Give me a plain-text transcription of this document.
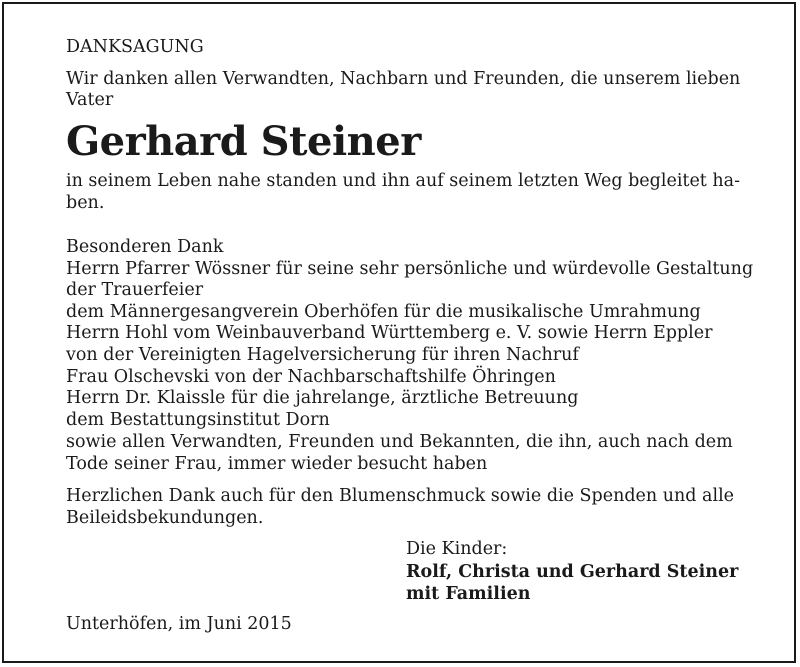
DANKSAGUNG
Wir danken allen Verwandten, Nachbarn und Freunden, die unserem lieben
Vater
Gerhard Steiner
in seinem Leben nahe standen und ihn auf seinem letzten Weg begleitet ha-
ben.
Besonderen Dank
Herrn Pfarrer Wössner für seine sehr persönliche und würdevolle Gestaltung
der Trauerfeier
dem Männergesangverein Oberhöfen für die musikalische Umrahmung
Herrn Hohl vom Weinbauverband Württemberg e. V. sowie Herrn Eppler
von der Vereinigten Hagelversicherung für ihren Nachruf
Frau Olschevski von der Nachbarschaftshilfe Öhringen
Herrn Dr. Klaissle für die jahrelange, ärztliche Betreuung
dem Bestattungsinstitut Dorn
sowie allen Verwandten, Freunden und Bekannten, die ihn, auch nach dem
Tode seiner Frau, immer wieder besucht haben
Herzlichen Dank auch für den Blumenschmuck sowie die Spenden und alle
Beileidsbekundungen.
Die Kinder:
Rolf, Christa und Gerhard Steiner
mit Familien
Unterhöfen, im Juni 2015
